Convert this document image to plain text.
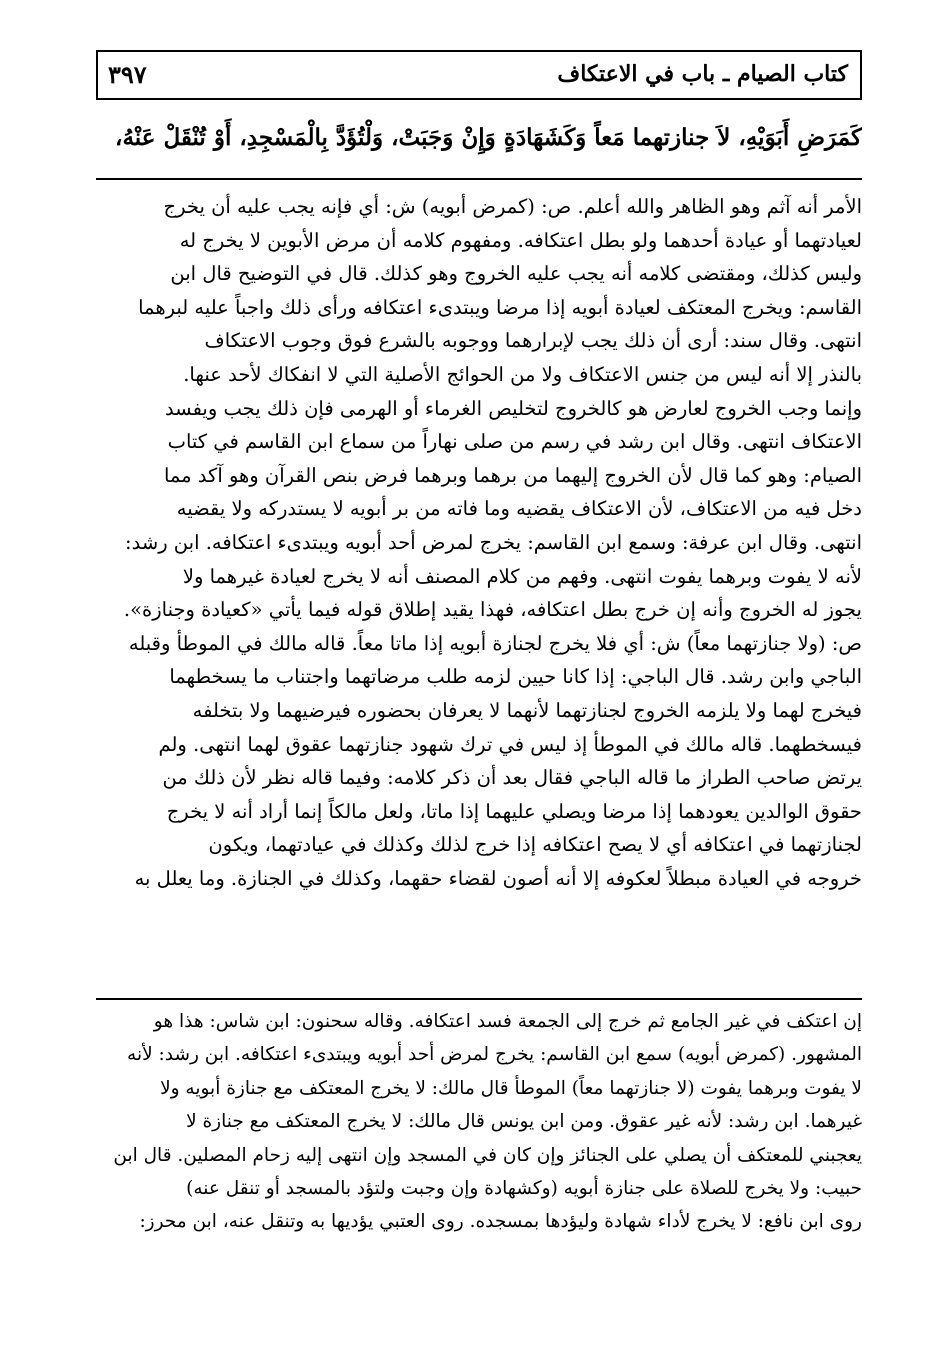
كتاب الصيام ـ باب في الاعتكاف
٣٩٧
كَمَرَضِ أَبَوَيْهِ، لاَ جنازتهما مَعاً وَكَشَهَادَةٍ وَإِنْ وَجَبَتْ، وَلْتُؤَدَّ بِالْمَسْجِدِ، أَوْ تُنْقَلْ عَنْهُ،
الأمر أنه آثم وهو الظاهر والله أعلم. ص: (كمرض أبويه) ش: أي فإنه يجب عليه أن يخرج
لعيادتهما أو عيادة أحدهما ولو بطل اعتكافه. ومفهوم كلامه أن مرض الأبوين لا يخرج له
وليس كذلك، ومقتضى كلامه أنه يجب عليه الخروج وهو كذلك. قال في التوضيح قال ابن
القاسم: ويخرج المعتكف لعيادة أبويه إذا مرضا ويبتدىء اعتكافه ورأى ذلك واجباً عليه لبرهما
انتهى. وقال سند: أرى أن ذلك يجب لإبرارهما ووجوبه بالشرع فوق وجوب الاعتكاف
بالنذر إلا أنه ليس من جنس الاعتكاف ولا من الحوائج الأصلية التي لا انفكاك لأحد عنها.
وإنما وجب الخروج لعارض هو كالخروج لتخليص الغرماء أو الهرمى فإن ذلك يجب ويفسد
الاعتكاف انتهى. وقال ابن رشد في رسم من صلى نهاراً من سماع ابن القاسم في كتاب
الصيام: وهو كما قال لأن الخروج إليهما من برهما وبرهما فرض بنص القرآن وهو آكد مما
دخل فيه من الاعتكاف، لأن الاعتكاف يقضيه وما فاته من بر أبويه لا يستدركه ولا يقضيه
انتهى. وقال ابن عرفة: وسمع ابن القاسم: يخرج لمرض أحد أبويه ويبتدىء اعتكافه. ابن رشد:
لأنه لا يفوت وبرهما يفوت انتهى. وفهم من كلام المصنف أنه لا يخرج لعيادة غيرهما ولا
يجوز له الخروج وأنه إن خرج بطل اعتكافه، فهذا يقيد إطلاق قوله فيما يأتي «كعيادة وجنازة».
ص: (ولا جنازتهما معاً) ش: أي فلا يخرج لجنازة أبويه إذا ماتا معاً. قاله مالك في الموطأ وقبله
الباجي وابن رشد. قال الباجي: إذا كانا حيين لزمه طلب مرضاتهما واجتناب ما يسخطهما
فيخرج لهما ولا يلزمه الخروج لجنازتهما لأنهما لا يعرفان بحضوره فيرضيهما ولا بتخلفه
فيسخطهما. قاله مالك في الموطأ إذ ليس في ترك شهود جنازتهما عقوق لهما انتهى. ولم
يرتض صاحب الطراز ما قاله الباجي فقال بعد أن ذكر كلامه: وفيما قاله نظر لأن ذلك من
حقوق الوالدين يعودهما إذا مرضا ويصلي عليهما إذا ماتا، ولعل مالكاً إنما أراد أنه لا يخرج
لجنازتهما في اعتكافه أي لا يصح اعتكافه إذا خرج لذلك وكذلك في عيادتهما، ويكون
خروجه في العيادة مبطلاً لعكوفه إلا أنه أصون لقضاء حقهما، وكذلك في الجنازة. وما يعلل به
إن اعتكف في غير الجامع ثم خرج إلى الجمعة فسد اعتكافه. وقاله سحنون: ابن شاس: هذا هو
المشهور. (كمرض أبويه) سمع ابن القاسم: يخرج لمرض أحد أبويه ويبتدىء اعتكافه. ابن رشد: لأنه
لا يفوت وبرهما يفوت (لا جنازتهما معاً) الموطأ قال مالك: لا يخرج المعتكف مع جنازة أبويه ولا
غيرهما. ابن رشد: لأنه غير عقوق. ومن ابن يونس قال مالك: لا يخرج المعتكف مع جنازة لا
يعجبني للمعتكف أن يصلي على الجنائز وإن كان في المسجد وإن انتهى إليه زحام المصلين. قال ابن
حبيب: ولا يخرج للصلاة على جنازة أبويه (وكشهادة وإن وجبت ولتؤد بالمسجد أو تنقل عنه)
روى ابن نافع: لا يخرج لأداء شهادة وليؤدها بمسجده. روى العتبي يؤديها به وتنقل عنه، ابن محرز:
